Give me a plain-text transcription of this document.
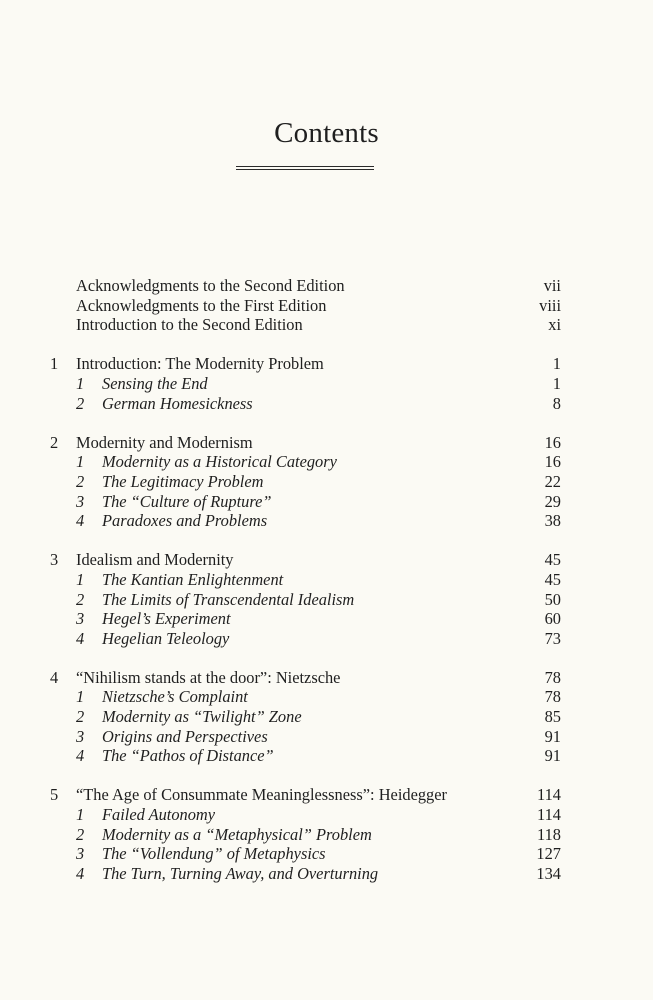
Contents
Acknowledgments to the Second Edition	vii
Acknowledgments to the First Edition	viii
Introduction to the Second Edition	xi
1	Introduction: The Modernity Problem	1
1	Sensing the End	1
2	German Homesickness	8
2	Modernity and Modernism	16
1	Modernity as a Historical Category	16
2	The Legitimacy Problem	22
3	The “Culture of Rupture”	29
4	Paradoxes and Problems	38
3	Idealism and Modernity	45
1	The Kantian Enlightenment	45
2	The Limits of Transcendental Idealism	50
3	Hegel’s Experiment	60
4	Hegelian Teleology	73
4	“Nihilism stands at the door”: Nietzsche	78
1	Nietzsche’s Complaint	78
2	Modernity as “Twilight” Zone	85
3	Origins and Perspectives	91
4	The “Pathos of Distance”	91
5	“The Age of Consummate Meaninglessness”: Heidegger	114
1	Failed Autonomy	114
2	Modernity as a “Metaphysical” Problem	118
3	The “Vollendung” of Metaphysics	127
4	The Turn, Turning Away, and Overturning	134
